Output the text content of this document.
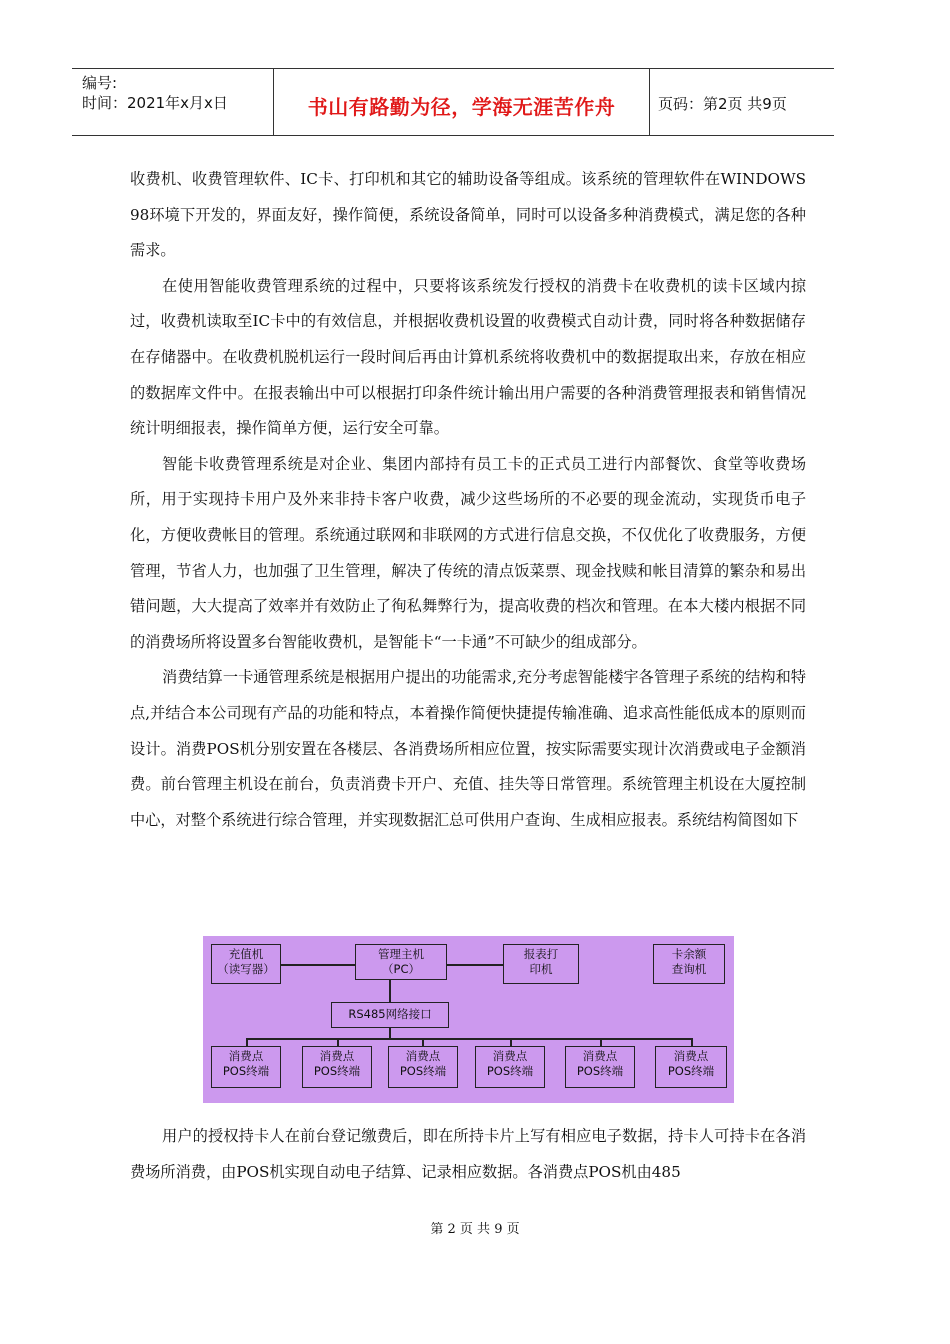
编号:
时间：2021年x月x日	书山有路勤为径，学海无涯苦作舟	页码：第2页 共9页

收费机、收费管理软件、IC卡、打印机和其它的辅助设备等组成。该系统的管理软件在WINDOWS 98环境下开发的，界面友好，操作简便，系统设备简单，同时可以设备多种消费模式，满足您的各种需求。

在使用智能收费管理系统的过程中，只要将该系统发行授权的消费卡在收费机的读卡区域内掠过，收费机读取至IC卡中的有效信息，并根据收费机设置的收费模式自动计费，同时将各种数据储存在存储器中。在收费机脱机运行一段时间后再由计算机系统将收费机中的数据提取出来，存放在相应的数据库文件中。在报表输出中可以根据打印条件统计输出用户需要的各种消费管理报表和销售情况统计明细报表，操作简单方便，运行安全可靠。

智能卡收费管理系统是对企业、集团内部持有员工卡的正式员工进行内部餐饮、食堂等收费场所，用于实现持卡用户及外来非持卡客户收费，减少这些场所的不必要的现金流动，实现货币电子化，方便收费帐目的管理。系统通过联网和非联网的方式进行信息交换，不仅优化了收费服务，方便管理，节省人力，也加强了卫生管理，解决了传统的清点饭菜票、现金找赎和帐目清算的繁杂和易出错问题，大大提高了效率并有效防止了徇私舞弊行为，提高收费的档次和管理。在本大楼内根据不同的消费场所将设置多台智能收费机，是智能卡“一卡通”不可缺少的组成部分。

消费结算一卡通管理系统是根据用户提出的功能需求,充分考虑智能楼宇各管理子系统的结构和特点,并结合本公司现有产品的功能和特点，本着操作简便快捷提传输准确、追求高性能低成本的原则而设计。消费POS机分别安置在各楼层、各消费场所相应位置，按实际需要实现计次消费或电子金额消费。前台管理主机设在前台，负责消费卡开户、充值、挂失等日常管理。系统管理主机设在大厦控制中心，对整个系统进行综合管理，并实现数据汇总可供用户查询、生成相应报表。系统结构简图如下

充值机
（读写器）
管理主机
（PC）
报表打
印机
卡余额
查询机
RS485网络接口
消费点
POS终端
消费点
POS终端
消费点
POS终端
消费点
POS终端
消费点
POS终端
消费点
POS终端

用户的授权持卡人在前台登记缴费后，即在所持卡片上写有相应电子数据，持卡人可持卡在各消费场所消费，由POS机实现自动电子结算、记录相应数据。各消费点POS机由485

第 2 页 共 9 页
